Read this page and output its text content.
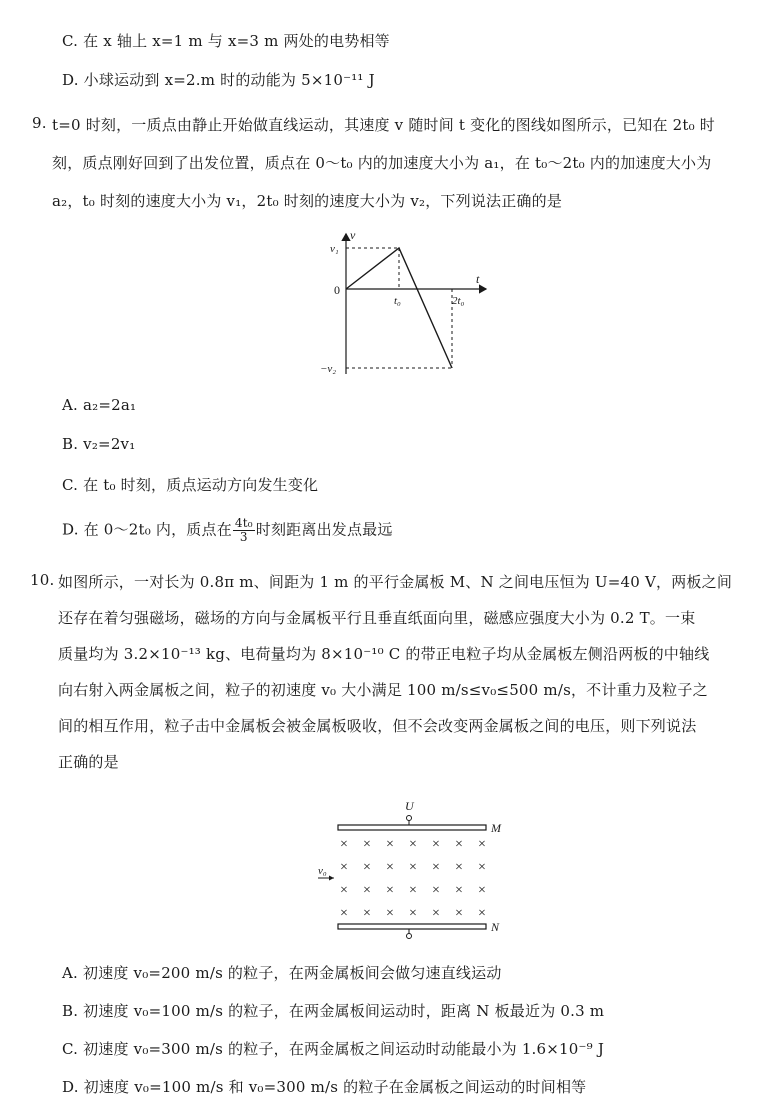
C. 在 x 轴上 x=1 m 与 x=3 m 两处的电势相等
D. 小球运动到 x=2.m 时的动能为 5×10⁻¹¹ J
9. t=0 时刻，一质点由静止开始做直线运动，其速度 v 随时间 t 变化的图线如图所示，已知在 2t₀ 时
刻，质点刚好回到了出发位置，质点在 0～t₀ 内的加速度大小为 a₁，在 t₀～2t₀ 内的加速度大小为
a₂，t₀ 时刻的速度大小为 v₁，2t₀ 时刻的速度大小为 v₂，下列说法正确的是
v
t
0
v₁
−v₂
t₀	2t₀
A. a₂=2a₁
B. v₂=2v₁
C. 在 t₀ 时刻，质点运动方向发生变化
D. 在 0～2t₀ 内，质点在 $\frac{\text{4t₀}}{3}$ 时刻距离出发点最远
10. 如图所示，一对长为 0.8π m、间距为 1 m 的平行金属板 M、N 之间电压恒为 U=40 V，两板之间
还存在着匀强磁场，磁场的方向与金属板平行且垂直纸面向里，磁感应强度大小为 0.2 T。一束
质量均为 3.2×10⁻¹³ kg、电荷量均为 8×10⁻¹⁰ C 的带正电粒子均从金属板左侧沿两板的中轴线
向右射入两金属板之间，粒子的初速度 v₀ 大小满足 100 m/s≤v₀≤500 m/s，不计重力及粒子之
间的相互作用，粒子击中金属板会被金属板吸收，但不会改变两金属板之间的电压，则下列说法
正确的是
U
M
× × × × × × ×
× × × × × × ×
× × × × × × ×
× × × × × × ×
v₀
N
A. 初速度 v₀=200 m/s 的粒子，在两金属板间会做匀速直线运动
B. 初速度 v₀=100 m/s 的粒子，在两金属板间运动时，距离 N 板最近为 0.3 m
C. 初速度 v₀=300 m/s 的粒子，在两金属板之间运动时动能最小为 1.6×10⁻⁹ J
D. 初速度 v₀=100 m/s 和 v₀=300 m/s 的粒子在金属板之间运动的时间相等
